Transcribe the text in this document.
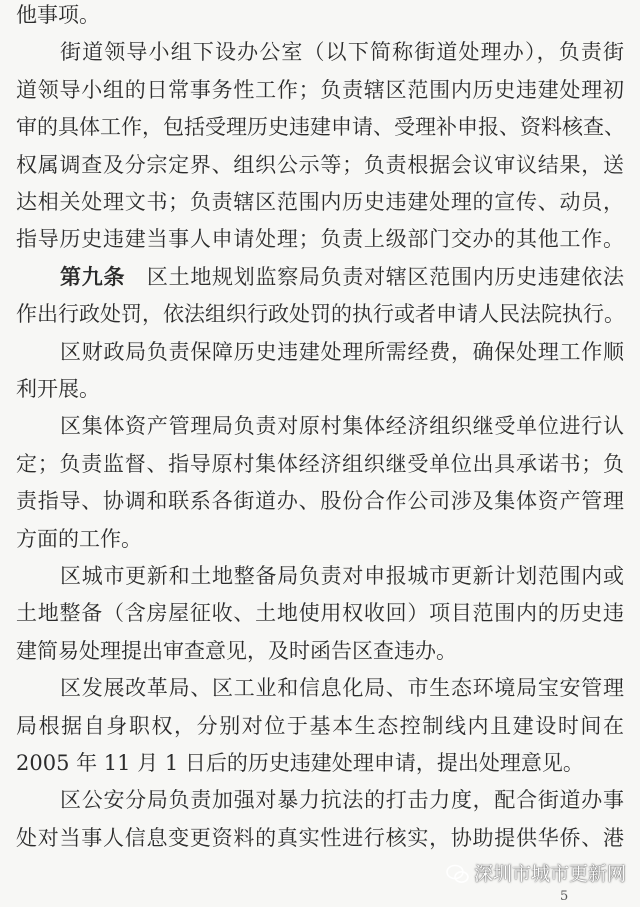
他事项。
街道领导小组下设办公室（以下简称街道处理办），负责街
道领导小组的日常事务性工作；负责辖区范围内历史违建处理初
审的具体工作，包括受理历史违建申请、受理补申报、资料核查、
权属调查及分宗定界、组织公示等；负责根据会议审议结果，送
达相关处理文书；负责辖区范围内历史违建处理的宣传、动员，
指导历史违建当事人申请处理；负责上级部门交办的其他工作。
第九条  区土地规划监察局负责对辖区范围内历史违建依法
作出行政处罚，依法组织行政处罚的执行或者申请人民法院执行。
区财政局负责保障历史违建处理所需经费，确保处理工作顺
利开展。
区集体资产管理局负责对原村集体经济组织继受单位进行认
定；负责监督、指导原村集体经济组织继受单位出具承诺书；负
责指导、协调和联系各街道办、股份合作公司涉及集体资产管理
方面的工作。
区城市更新和土地整备局负责对申报城市更新计划范围内或
土地整备（含房屋征收、土地使用权收回）项目范围内的历史违
建简易处理提出审查意见，及时函告区查违办。
区发展改革局、区工业和信息化局、市生态环境局宝安管理
局根据自身职权，分别对位于基本生态控制线内且建设时间在
2005 年 11 月 1 日后的历史违建处理申请，提出处理意见。
区公安分局负责加强对暴力抗法的打击力度，配合街道办事
处对当事人信息变更资料的真实性进行核实，协助提供华侨、港
深圳市城市更新网
5
